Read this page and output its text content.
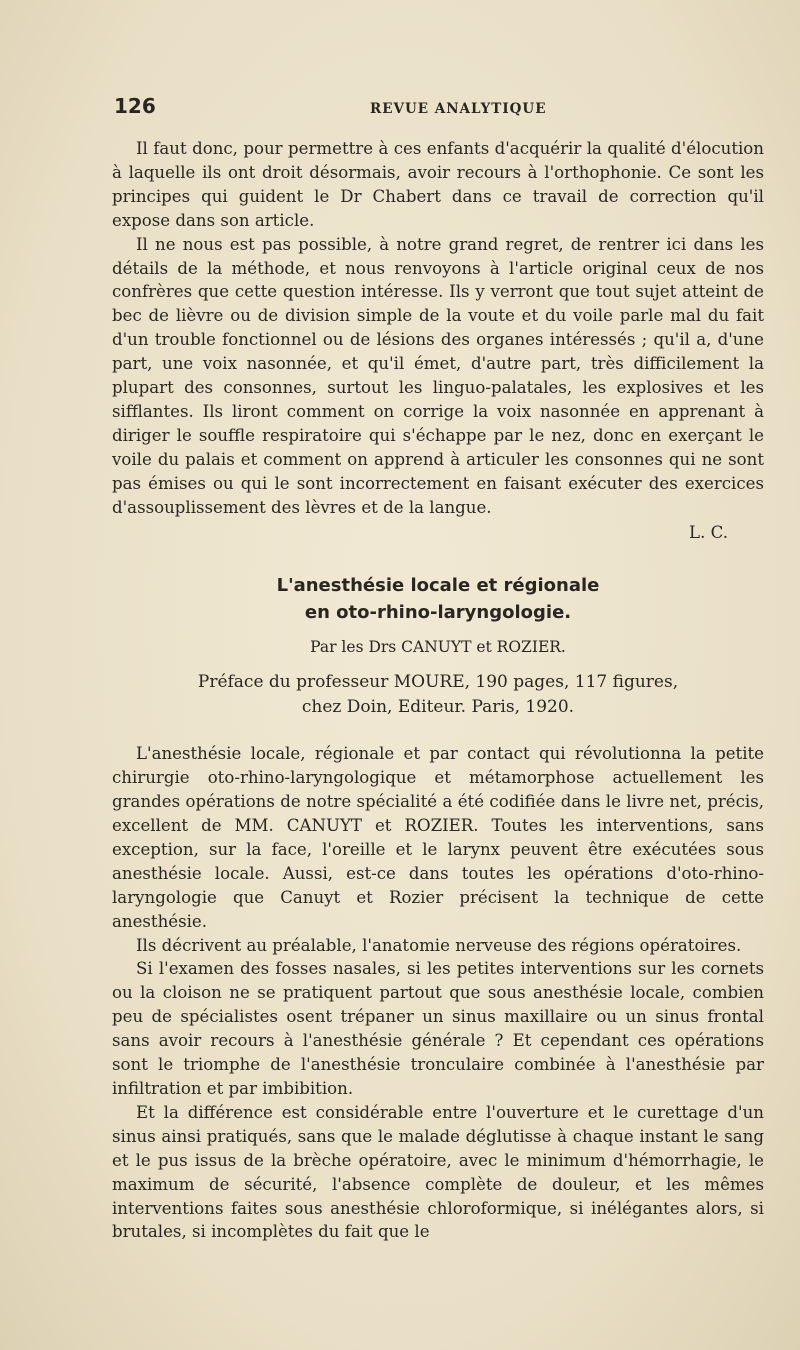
126	REVUE ANALYTIQUE

Il faut donc, pour permettre à ces enfants d'acquérir la qualité d'élocution à laquelle ils ont droit désormais, avoir recours à l'orthophonie. Ce sont les principes qui guident le Dr Chabert dans ce travail de correction qu'il expose dans son article.

Il ne nous est pas possible, à notre grand regret, de rentrer ici dans les détails de la méthode, et nous renvoyons à l'article original ceux de nos confrères que cette question intéresse. Ils y verront que tout sujet atteint de bec de lièvre ou de division simple de la voute et du voile parle mal du fait d'un trouble fonctionnel ou de lésions des organes intéressés ; qu'il a, d'une part, une voix nasonnée, et qu'il émet, d'autre part, très difficilement la plupart des consonnes, surtout les linguo-palatales, les explosives et les sifflantes. Ils liront comment on corrige la voix nasonnée en apprenant à diriger le souffle respiratoire qui s'échappe par le nez, donc en exerçant le voile du palais et comment on apprend à articuler les consonnes qui ne sont pas émises ou qui le sont incorrectement en faisant exécuter des exercices d'assouplissement des lèvres et de la langue.

L. C.

L'anesthésie locale et régionale
en oto-rhino-laryngologie.
Par les Drs CANUYT et ROZIER.
Préface du professeur MOURE, 190 pages, 117 figures,
chez Doin, Editeur. Paris, 1920.

L'anesthésie locale, régionale et par contact qui révolutionna la petite chirurgie oto-rhino-laryngologique et métamorphose actuellement les grandes opérations de notre spécialité a été codifiée dans le livre net, précis, excellent de MM. CANUYT et ROZIER. Toutes les interventions, sans exception, sur la face, l'oreille et le larynx peuvent être exécutées sous anesthésie locale. Aussi, est-ce dans toutes les opérations d'oto-rhino-laryngologie que Canuyt et Rozier précisent la technique de cette anesthésie.

Ils décrivent au préalable, l'anatomie nerveuse des régions opératoires.

Si l'examen des fosses nasales, si les petites interventions sur les cornets ou la cloison ne se pratiquent partout que sous anesthésie locale, combien peu de spécialistes osent trépaner un sinus maxillaire ou un sinus frontal sans avoir recours à l'anesthésie générale ? Et cependant ces opérations sont le triomphe de l'anesthésie tronculaire combinée à l'anesthésie par infiltration et par imbibition.

Et la différence est considérable entre l'ouverture et le curettage d'un sinus ainsi pratiqués, sans que le malade déglutisse à chaque instant le sang et le pus issus de la brèche opératoire, avec le minimum d'hémorrhagie, le maximum de sécurité, l'absence complète de douleur, et les mêmes interventions faites sous anesthésie chloroformique, si inélégantes alors, si brutales, si incomplètes du fait que le
